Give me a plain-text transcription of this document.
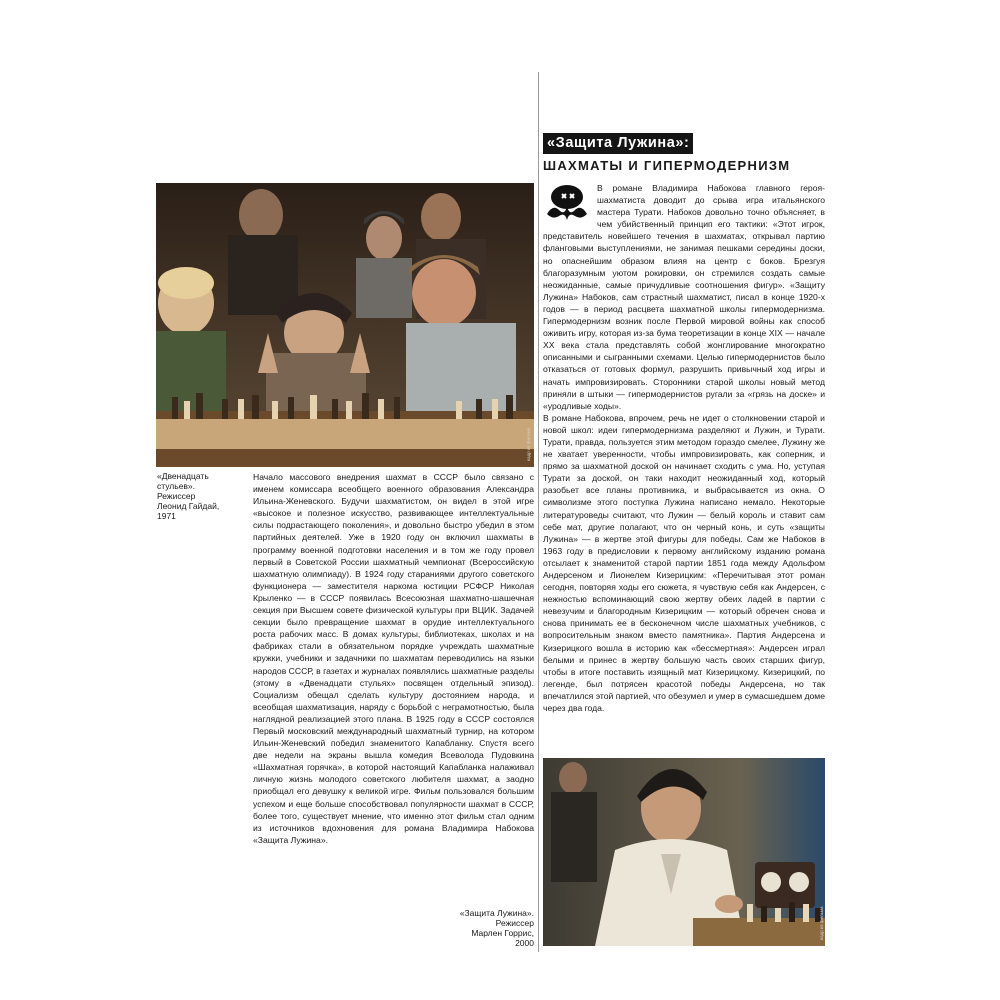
«Защита Лужина»:
ШАХМАТЫ И ГИПЕРМОДЕРНИЗМ
кадр из фильма
«Двенадцать стульев».
Режиссер
Леонид Гайдай,
1971

Начало массового внедрения шахмат в СССР было связано с именем комиссара всеобщего военного образования Александра Ильина-Женевского. Будучи шахматистом, он видел в этой игре «высокое и полезное искусство, развивающее интеллектуальные силы подрастающего поколения», и довольно быстро убедил в этом партийных деятелей. Уже в 1920 году он включил шахматы в программу военной подготовки населения и в том же году провел первый в Советской России шахматный чемпионат (Всероссийскую шахматную олимпиаду). В 1924 году стараниями другого советского функционера — заместителя наркома юстиции РСФСР Николая Крыленко — в СССР появилась Всесоюзная шахматно-шашечная секция при Высшем совете физической культуры при ВЦИК. Задачей секции было превращение шахмат в орудие интеллектуального роста рабочих масс. В домах культуры, библиотеках, школах и на фабриках стали в обязательном порядке учреждать шахматные кружки, учебники и задачники по шахматам переводились на языки народов СССР, в газетах и журналах появлялись шахматные разделы (этому в «Двенадцати стульях» посвящен отдельный эпизод). Социализм обещал сделать культуру достоянием народа, и всеобщая шахматизация, наряду с борьбой с неграмотностью, была наглядной реализацией этого плана. В 1925 году в СССР состоялся Первый московский международный шахматный турнир, на котором Ильин-Женевский победил знаменитого Капабланку. Спустя всего две недели на экраны вышла комедия Всеволода Пудовкина «Шахматная горячка», в которой настоящий Капабланка налаживал личную жизнь молодого советского любителя шахмат, а заодно приобщал его девушку к великой игре. Фильм пользовался большим успехом и еще больше способствовал популярности шахмат в СССР, более того, существует мнение, что именно этот фильм стал одним из источников вдохновения для романа Владимира Набокова «Защита Лужина».

В романе Владимира Набокова главного героя-шахматиста доводит до срыва игра итальянского мастера Турати. Набоков довольно точно объясняет, в чем убийственный принцип его тактики: «Этот игрок, представитель новейшего течения в шахматах, открывал партию фланговыми выступлениями, не занимая пешками середины доски, но опаснейшим образом влияя на центр с боков. Брезгуя благоразумным уютом рокировки, он стремился создать самые неожиданные, самые причудливые соотношения фигур». «Защиту Лужина» Набоков, сам страстный шахматист, писал в конце 1920-х годов — в период расцвета шахматной школы гипермодернизма. Гипермодернизм возник после Первой мировой войны как способ оживить игру, которая из-за бума теоретизации в конце XIX — начале XX века стала представлять собой жонглирование многократно описанными и сыгранными схемами. Целью гипермодернистов было отказаться от готовых формул, разрушить привычный ход игры и начать импровизировать. Сторонники старой школы новый метод приняли в штыки — гипермодернистов ругали за «грязь на доске» и «уродливые ходы».

В романе Набокова, впрочем, речь не идет о столкновении старой и новой школ: идеи гипермодернизма разделяют и Лужин, и Турати. Турати, правда, пользуется этим методом гораздо смелее, Лужину же не хватает уверенности, чтобы импровизировать, как соперник, и прямо за шахматной доской он начинает сходить с ума. Но, уступая Турати за доской, он таки находит неожиданный ход, который разобьет все планы противника, и выбрасывается из окна. О символизме этого поступка Лужина написано немало. Некоторые литературоведы считают, что Лужин — белый король и ставит сам себе мат, другие полагают, что он черный конь, и суть «защиты Лужина» — в жертве этой фигуры для победы. Сам же Набоков в 1963 году в предисловии к первому английскому изданию романа отсылает к знаменитой старой партии 1851 года между Адольфом Андерсеном и Лионелем Кизерицким: «Перечитывая этот роман сегодня, повторяя ходы его сюжета, я чувствую себя как Андерсен, с нежностью вспоминающий свою жертву обеих ладей в партии с невезучим и благородным Кизерицким — который обречен снова и снова принимать ее в бесконечном числе шахматных учебников, с вопросительным знаком вместо памятника». Партия Андерсена и Кизерицкого вошла в историю как «бессмертная»: Андерсен играл белыми и принес в жертву большую часть своих старших фигур, чтобы в итоге поставить изящный мат Кизерицкому. Кизерицкий, по легенде, был потрясен красотой победы Андерсена, но так впечатлился этой партией, что обезумел и умер в сумасшедшем доме через два года.

кадр из фильма
«Защита Лужина».
Режиссер
Марлен Горрис,
2000
